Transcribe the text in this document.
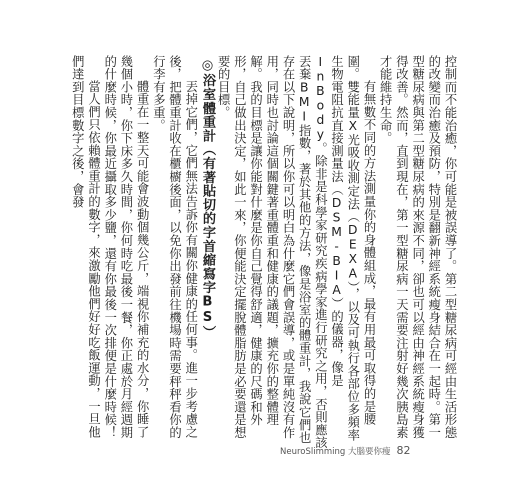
控制而不能治癒，你可能是被誤導了。第二型糖尿病可經由生活形態的改變而治癒及預防，特別是翻新神經系統瘦身結合在一起時。第一型糖尿病與第二型糖尿病的來源不同，卻也可以經由神經系統瘦身獲得改善。然而，直到現在，第一型糖尿病一天需要注射好幾次胰島素才能維持生命。

有無數不同的方法測量你的身體組成，最有用最可取得的是腰圍。雙能量X光吸收測定法（DEXA），以及可執行各部位多頻率生物電阻抗直接測量法（DSM-BIA）的儀器，像是InBody。除非是科學家研究疾病學家進行研究之用，否則應該丟棄BMI指數，著於其他的方法，像是浴室的體重計，我說它們也存在以下說明，所以你可以明白為什麼它們會誤導，或是單純沒有作用，同時也討論這個關鍵著重體重和健康的議題，擴充你的整體理解。我的目標是讓你能對什麼是你自己覺得舒適，健康的尺碼和外形，自己做出決定，如此一來，你便能決定擺脫體脂肪是必要還是想要的目標。

◎浴室體重計（有著貼切的字首縮寫字BS）

丟掉它們，它們無法告訴你有關你健康的任何事。進一步考慮之後，把體重計收在櫃櫥後面，以免你出發前往機場時需要秤秤看你的行李有多重。

體重在一整天可能會波動個幾公斤，端視你補充的水分，你睡了幾個小時，你下床多久時間，你何時吃最後一餐，你正處於月經週期的什麼時候，你最近攝取多少鹽，還有你最後一次排便是什麼時候！

當人們只依賴體重計的數字，來激勵他們好好吃飯運動，一旦他們達到目標數字之後，會發

NeuroSlimming 大腦要你瘦 82
